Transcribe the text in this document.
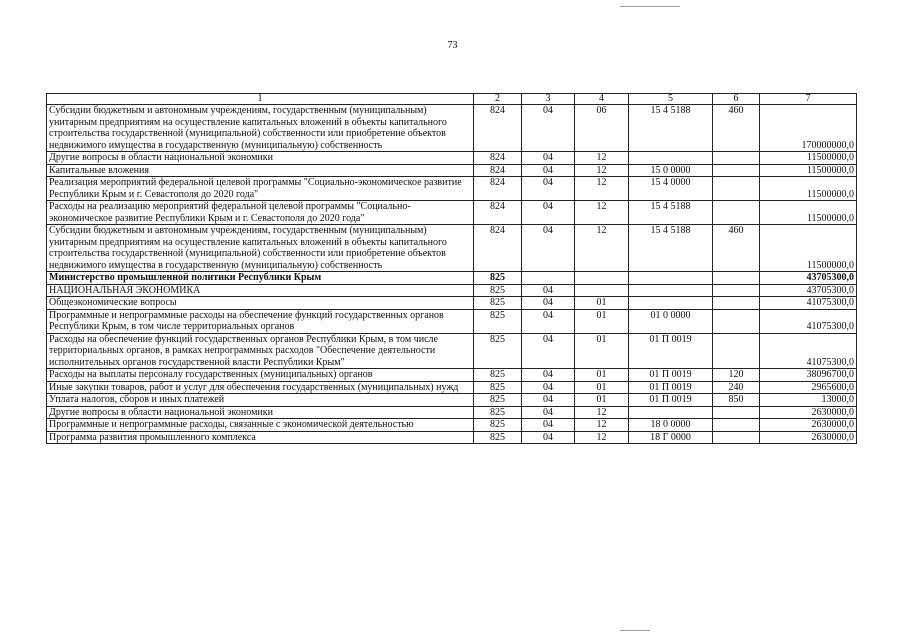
73
1	2	3	4	5	6	7
Субсидии бюджетным и автономным учреждениям, государственным (муниципальным) унитарным предприятиям на осуществление капитальных вложений в объекты капитального строительства государственной (муниципальной) собственности или приобретение объектов недвижимого имущества в государственную (муниципальную) собственность	824	04	06	15 4 5188	460	170000000,0
Другие вопросы в области национальной экономики	824	04	12			11500000,0
Капитальные вложения	824	04	12	15 0 0000		11500000,0
Реализация мероприятий федеральной целевой программы "Социально-экономическое развитие Республики Крым и г. Севастополя до 2020 года"	824	04	12	15 4 0000		11500000,0
Расходы на реализацию мероприятий федеральной целевой программы "Социально-экономическое развитие Республики Крым и г. Севастополя до 2020 года"	824	04	12	15 4 5188		11500000,0
Субсидии бюджетным и автономным учреждениям, государственным (муниципальным) унитарным предприятиям на осуществление капитальных вложений в объекты капитального строительства государственной (муниципальной) собственности или приобретение объектов недвижимого имущества в государственную (муниципальную) собственность	824	04	12	15 4 5188	460	11500000,0
Министерство промышленной политики Республики Крым	825					43705300,0
НАЦИОНАЛЬНАЯ ЭКОНОМИКА	825	04				43705300,0
Общеэкономические вопросы	825	04	01			41075300,0
Программные и непрограммные расходы на обеспечение функций государственных органов Республики Крым, в том числе территориальных органов	825	04	01	01 0 0000		41075300,0
Расходы на обеспечение функций государственных органов Республики Крым, в том числе территориальных органов, в рамках непрограммных расходов "Обеспечение деятельности исполнительных органов государственной власти Республики Крым"	825	04	01	01 П 0019		41075300,0
Расходы на выплаты персоналу государственных (муниципальных) органов	825	04	01	01 П 0019	120	38096700,0
Иные закупки товаров, работ и услуг для обеспечения государственных (муниципальных) нужд	825	04	01	01 П 0019	240	2965600,0
Уплата налогов, сборов и иных платежей	825	04	01	01 П 0019	850	13000,0
Другие вопросы в области национальной экономики	825	04	12			2630000,0
Программные и непрограммные расходы, связанные с экономической деятельностью	825	04	12	18 0 0000		2630000,0
Программа развития промышленного комплекса	825	04	12	18 Г 0000		2630000,0
